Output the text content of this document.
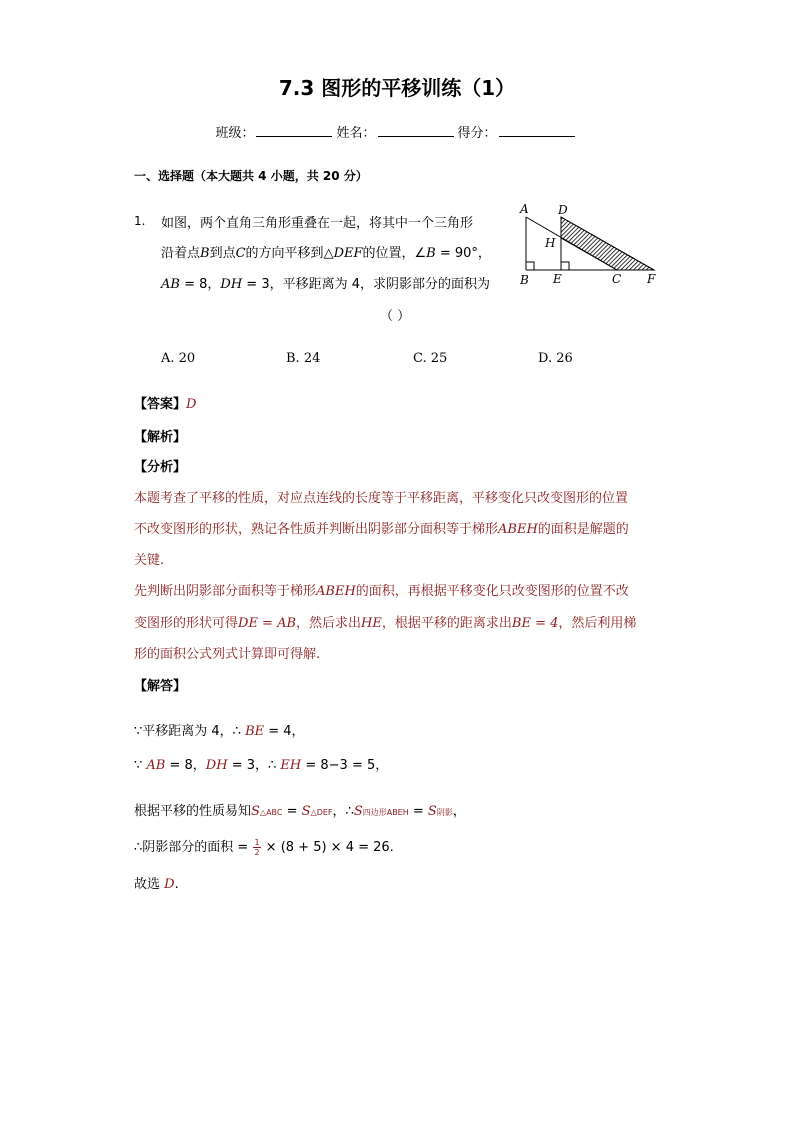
7.3 图形的平移训练（1）
班级：	姓名：	得分：
一、选择题（本大题共 4 小题，共 20 分）
1. 如图，两个直角三角形重叠在一起，将其中一个三角形
沿着点B到点C的方向平移到△DEF的位置，∠B = 90°，
AB = 8，DH = 3，平移距离为 4，求阴影部分的面积为
（ ）
A. 20	B. 24	C. 25	D. 26
A D
H
B E	C F
【答案】D
【解析】
【分析】
本题考查了平移的性质，对应点连线的长度等于平移距离，平移变化只改变图形的位置
不改变图形的形状，熟记各性质并判断出阴影部分面积等于梯形ABEH的面积是解题的
关键.
先判断出阴影部分面积等于梯形ABEH的面积，再根据平移变化只改变图形的位置不改
变图形的形状可得DE = AB，然后求出HE，根据平移的距离求出BE = 4，然后利用梯
形的面积公式列式计算即可得解.
【解答】
∵平移距离为 4，∴ BE = 4，
∵ AB = 8，DH = 3，∴ EH = 8−3 = 5，
根据平移的性质易知S△ABC = S△DEF，∴S四边形ABEH = S阴影，
∴阴影部分的面积 = $\frac{1}{2} \times (8 + 5) \times 4 = 26$.
故选 D.
